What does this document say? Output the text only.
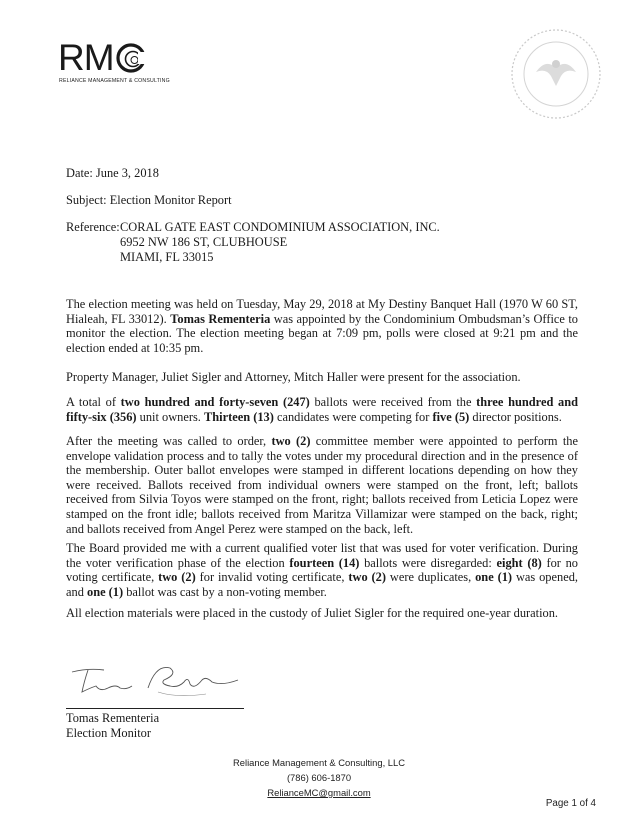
RM
RELIANCE MANAGEMENT & CONSULTING
Date: June 3, 2018
Subject: Election Monitor Report
Reference: CORAL GATE EAST CONDOMINIUM ASSOCIATION, INC.
6952 NW 186 ST, CLUBHOUSE
MIAMI, FL 33015
The election meeting was held on Tuesday, May 29, 2018 at My Destiny Banquet Hall (1970 W 60 ST, Hialeah, FL 33012). Tomas Rementeria was appointed by the Condominium Ombudsman’s Office to monitor the election. The election meeting began at 7:09 pm, polls were closed at 9:21 pm and the election ended at 10:35 pm.
Property Manager, Juliet Sigler and Attorney, Mitch Haller were present for the association.
A total of two hundred and forty-seven (247) ballots were received from the three hundred and fifty-six (356) unit owners. Thirteen (13) candidates were competing for five (5) director positions.
After the meeting was called to order, two (2) committee member were appointed to perform the envelope validation process and to tally the votes under my procedural direction and in the presence of the membership. Outer ballot envelopes were stamped in different locations depending on how they were received. Ballots received from individual owners were stamped on the front, left; ballots received from Silvia Toyos were stamped on the front, right; ballots received from Leticia Lopez were stamped on the front idle; ballots received from Maritza Villamizar were stamped on the back, right; and ballots received from Angel Perez were stamped on the back, left.
The Board provided me with a current qualified voter list that was used for voter verification. During the voter verification phase of the election fourteen (14) ballots were disregarded: eight (8) for no voting certificate, two (2) for invalid voting certificate, two (2) were duplicates, one (1) was opened, and one (1) ballot was cast by a non-voting member.
All election materials were placed in the custody of Juliet Sigler for the required one-year duration.
Tomas Rementeria
Election Monitor
Reliance Management & Consulting, LLC
(786) 606-1870
RelianceMC@gmail.com
Page 1 of 4
